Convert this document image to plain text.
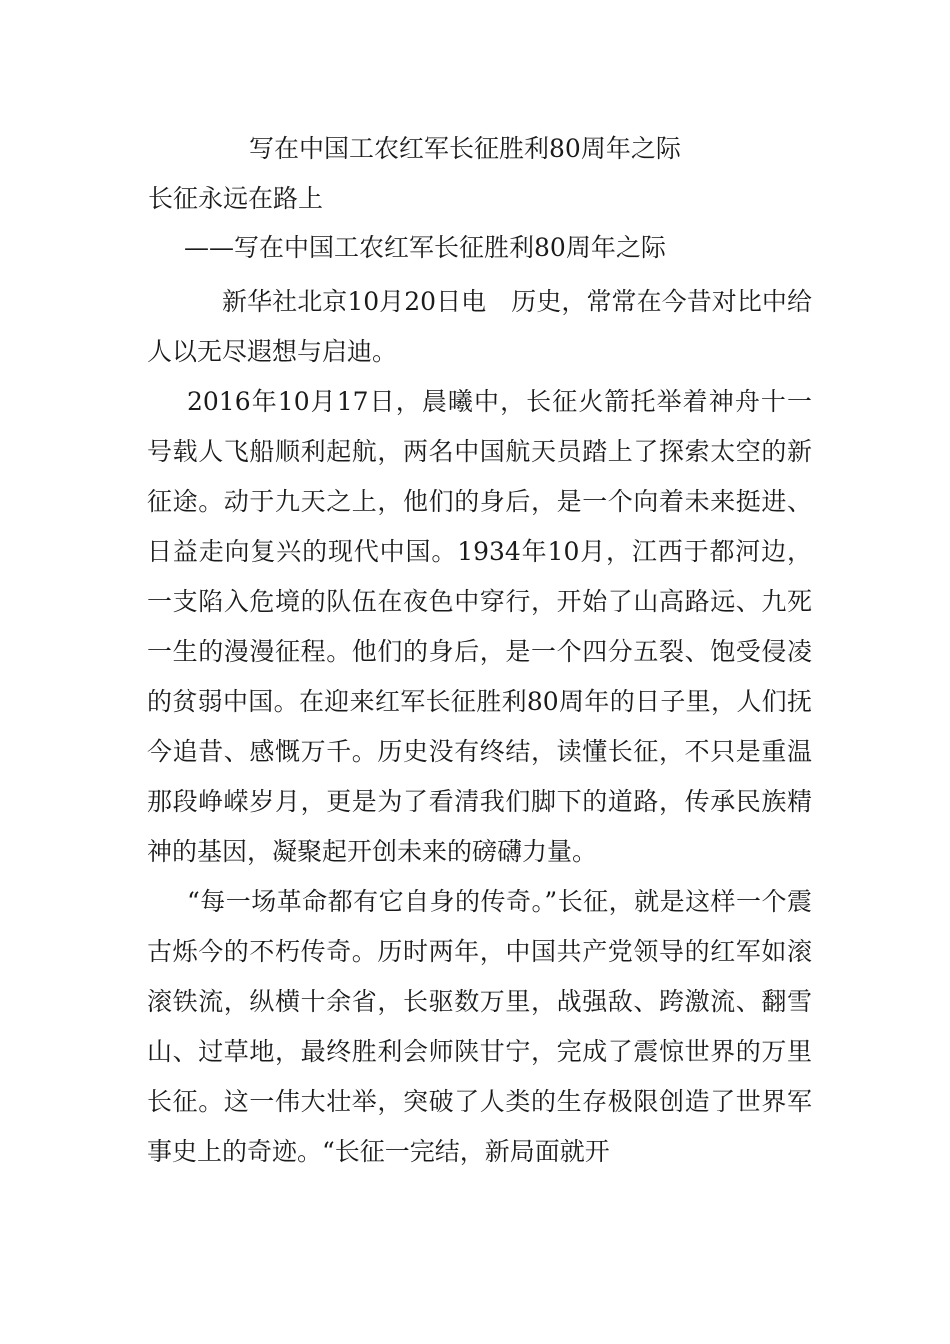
写在中国工农红军长征胜利80周年之际
长征永远在路上
——写在中国工农红军长征胜利80周年之际

新华社北京10月20日电　历史，常常在今昔对比中给人以无尽遐想与启迪。

2016年10月17日，晨曦中，长征火箭托举着神舟十一号载人飞船顺利起航，两名中国航天员踏上了探索太空的新征途。动于九天之上，他们的身后，是一个向着未来挺进、日益走向复兴的现代中国。1934年10月，江西于都河边，一支陷入危境的队伍在夜色中穿行，开始了山高路远、九死一生的漫漫征程。他们的身后，是一个四分五裂、饱受侵凌的贫弱中国。在迎来红军长征胜利80周年的日子里，人们抚今追昔、感慨万千。历史没有终结，读懂长征，不只是重温那段峥嵘岁月，更是为了看清我们脚下的道路，传承民族精神的基因，凝聚起开创未来的磅礴力量。

“每一场革命都有它自身的传奇。”长征，就是这样一个震古烁今的不朽传奇。历时两年，中国共产党领导的红军如滚滚铁流，纵横十余省，长驱数万里，战强敌、跨激流、翻雪山、过草地，最终胜利会师陕甘宁，完成了震惊世界的万里长征。这一伟大壮举，突破了人类的生存极限创造了世界军事史上的奇迹。“长征一完结，新局面就开
